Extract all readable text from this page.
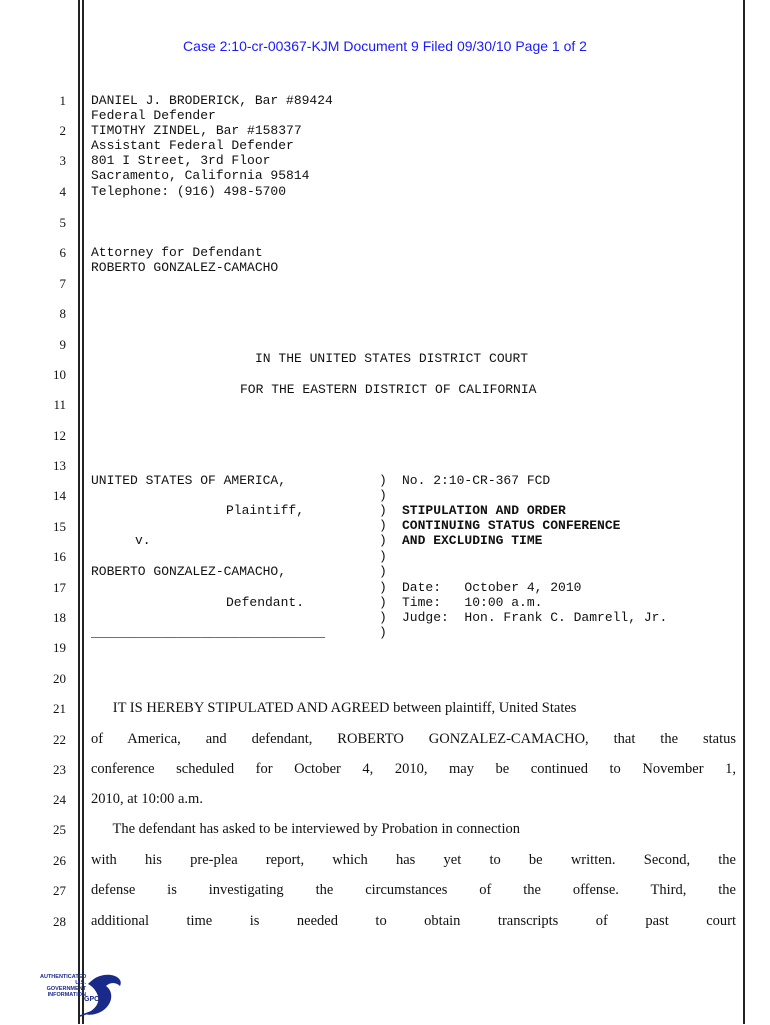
Case 2:10-cr-00367-KJM Document 9 Filed 09/30/10 Page 1 of 2
1
2
3
4
5
6
7
8
9
10
11
12
13
14
15
16
17
18
19
20
21
22
23
24
25
26
27
28
DANIEL J. BRODERICK, Bar #89424
Federal Defender
TIMOTHY ZINDEL, Bar #158377
Assistant Federal Defender
801 I Street, 3rd Floor
Sacramento, California 95814
Telephone: (916) 498-5700
Attorney for Defendant
ROBERTO GONZALEZ-CAMACHO
IN THE UNITED STATES DISTRICT COURT
FOR THE EASTERN DISTRICT OF CALIFORNIA
UNITED STATES OF AMERICA,
Plaintiff,
v.
ROBERTO GONZALEZ-CAMACHO,
Defendant.
______________________________
)
)
)
)
)
)
)
)
)
)
)
No. 2:10-CR-367 FCD
STIPULATION AND ORDER
CONTINUING STATUS CONFERENCE
AND EXCLUDING TIME
Date:   October 4, 2010
Time:   10:00 a.m.
Judge:  Hon. Frank C. Damrell, Jr.
IT IS HEREBY STIPULATED AND AGREED between plaintiff, United States
of America, and defendant, ROBERTO GONZALEZ-CAMACHO, that the status
conference scheduled for October 4, 2010, may be continued to November 1,
2010, at 10:00 a.m.
The defendant has asked to be interviewed by Probation in connection
with his pre-plea report, which has yet to be written. Second, the
defense is investigating the circumstances of the offense. Third, the
additional time is needed to obtain transcripts of past court
AUTHENTICATED
U.S. GOVERNMENT
INFORMATION
GPO
